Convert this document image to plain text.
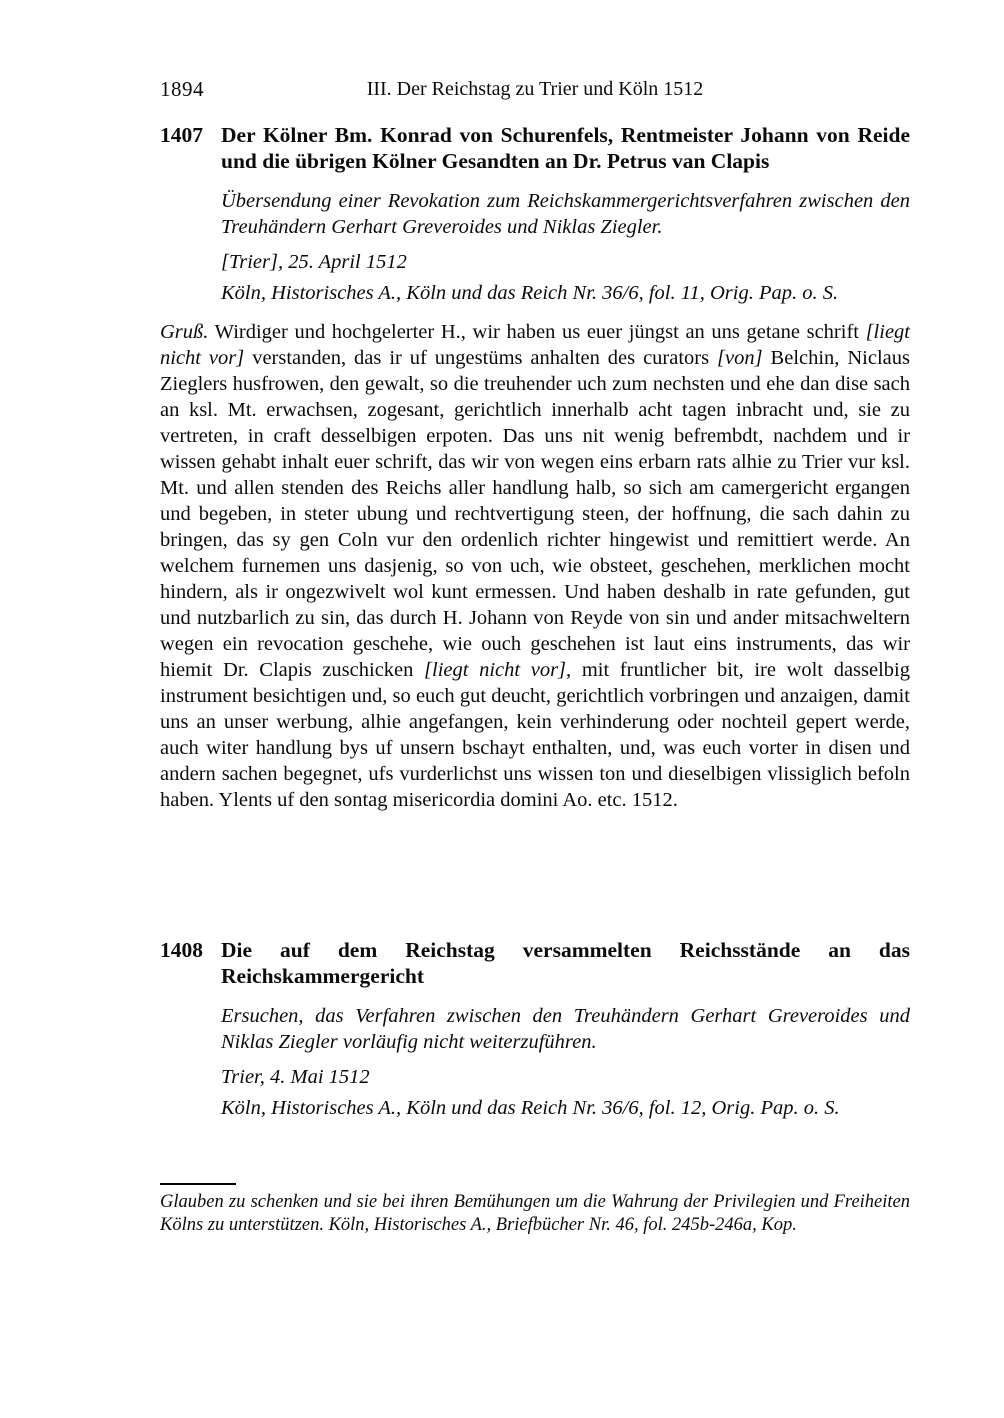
1894	III. Der Reichstag zu Trier und Köln 1512
1407 Der Kölner Bm. Konrad von Schurenfels, Rentmeister Johann von Reide und die übrigen Kölner Gesandten an Dr. Petrus van Clapis

Übersendung einer Revokation zum Reichskammergerichtsverfahren zwischen den Treuhändern Gerhart Greveroides und Niklas Ziegler.

[Trier], 25. April 1512

Köln, Historisches A., Köln und das Reich Nr. 36/6, fol. 11, Orig. Pap. o. S.

Gruß. Wirdiger und hochgelerter H., wir haben us euer jüngst an uns getane schrift [liegt nicht vor] verstanden, das ir uf ungestüms anhalten des curators [von] Belchin, Niclaus Zieglers husfrowen, den gewalt, so die treuhender uch zum nechsten und ehe dan dise sach an ksl. Mt. erwachsen, zogesant, gerichtlich innerhalb acht tagen inbracht und, sie zu vertreten, in craft desselbigen erpoten. Das uns nit wenig befrembdt, nachdem und ir wissen gehabt inhalt euer schrift, das wir von wegen eins erbarn rats alhie zu Trier vur ksl. Mt. und allen stenden des Reichs aller handlung halb, so sich am camergericht ergangen und begeben, in steter ubung und rechtvertigung steen, der hoffnung, die sach dahin zu bringen, das sy gen Coln vur den ordenlich richter hingewist und remittiert werde. An welchem furnemen uns dasjenig, so von uch, wie obsteet, geschehen, merklichen mocht hindern, als ir ongezwivelt wol kunt ermessen. Und haben deshalb in rate gefunden, gut und nutzbarlich zu sin, das durch H. Johann von Reyde von sin und ander mitsachweltern wegen ein revocation geschehe, wie ouch geschehen ist laut eins instruments, das wir hiemit Dr. Clapis zuschicken [liegt nicht vor], mit fruntlicher bit, ire wolt dasselbig instrument besichtigen und, so euch gut deucht, gerichtlich vorbringen und anzaigen, damit uns an unser werbung, alhie angefangen, kein verhinderung oder nochteil gepert werde, auch witer handlung bys uf unsern bschayt enthalten, und, was euch vorter in disen und andern sachen begegnet, ufs vurderlichst uns wissen ton und dieselbigen vlissiglich befoln haben. Ylents uf den sontag misericordia domini Ao. etc. 1512.

1408 Die auf dem Reichstag versammelten Reichsstände an das Reichskammergericht

Ersuchen, das Verfahren zwischen den Treuhändern Gerhart Greveroides und Niklas Ziegler vorläufig nicht weiterzuführen.

Trier, 4. Mai 1512

Köln, Historisches A., Köln und das Reich Nr. 36/6, fol. 12, Orig. Pap. o. S.

Glauben zu schenken und sie bei ihren Bemühungen um die Wahrung der Privilegien und Freiheiten Kölns zu unterstützen. Köln, Historisches A., Briefbücher Nr. 46, fol. 245b-246a, Kop.
